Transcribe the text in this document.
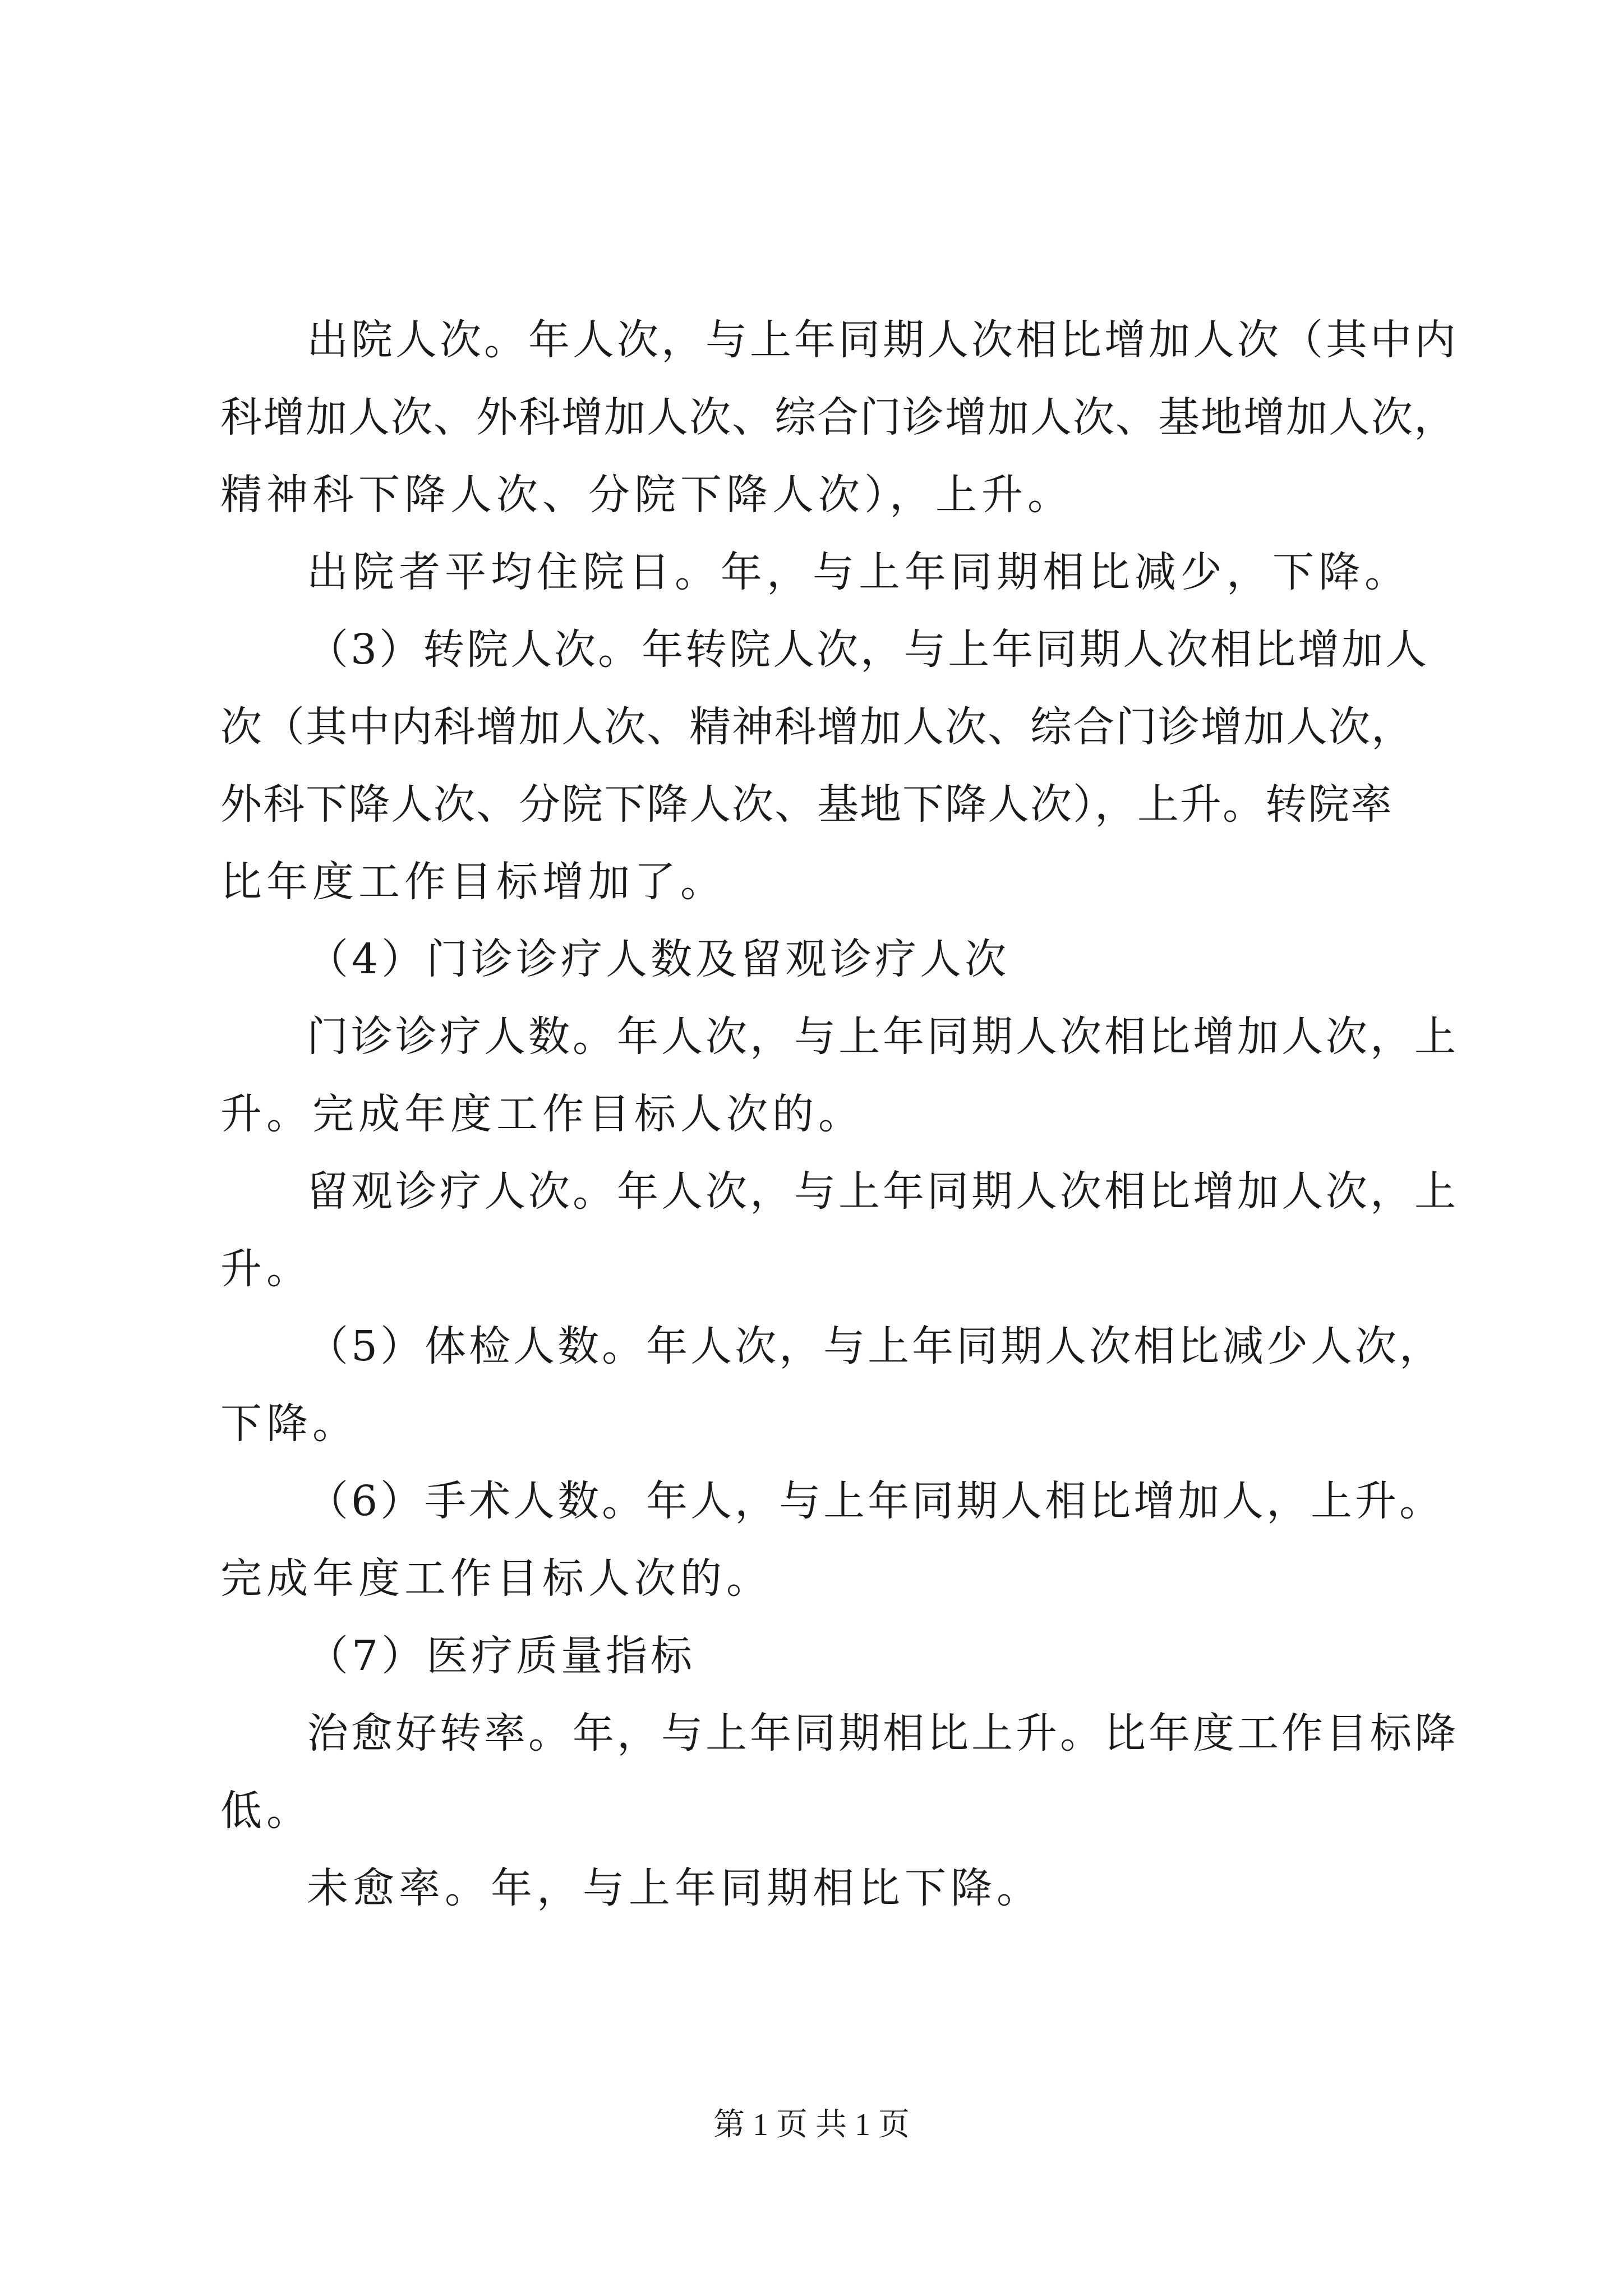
出院人次。年人次，与上年同期人次相比增加人次（其中内
科增加人次、外科增加人次、综合门诊增加人次、基地增加人次，
精神科下降人次、分院下降人次），上升。
出院者平均住院日。年，与上年同期相比减少，下降。
（3）转院人次。年转院人次，与上年同期人次相比增加人
次（其中内科增加人次、精神科增加人次、综合门诊增加人次，
外科下降人次、分院下降人次、基地下降人次），上升。转院率
比年度工作目标增加了。
（4）门诊诊疗人数及留观诊疗人次
门诊诊疗人数。年人次，与上年同期人次相比增加人次，上
升。完成年度工作目标人次的。
留观诊疗人次。年人次，与上年同期人次相比增加人次，上
升。
（5）体检人数。年人次，与上年同期人次相比减少人次，
下降。
（6）手术人数。年人，与上年同期人相比增加人，上升。
完成年度工作目标人次的。
（7）医疗质量指标
治愈好转率。年，与上年同期相比上升。比年度工作目标降
低。
未愈率。年，与上年同期相比下降。
第 1 页 共 1 页
